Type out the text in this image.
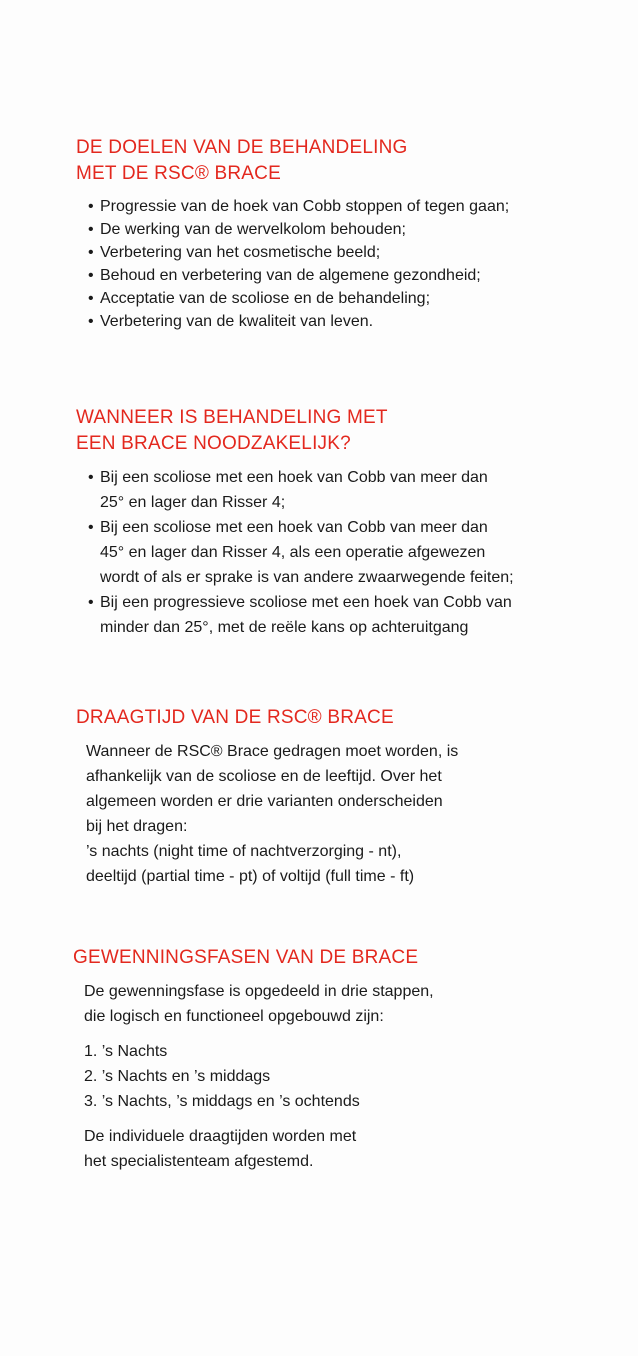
DE DOELEN VAN DE BEHANDELING
MET DE RSC® BRACE
• Progressie van de hoek van Cobb stoppen of tegen gaan;
• De werking van de wervelkolom behouden;
• Verbetering van het cosmetische beeld;
• Behoud en verbetering van de algemene gezondheid;
• Acceptatie van de scoliose en de behandeling;
• Verbetering van de kwaliteit van leven.
WANNEER IS BEHANDELING MET
EEN BRACE NOODZAKELIJK?
• Bij een scoliose met een hoek van Cobb van meer dan
25° en lager dan Risser 4;
• Bij een scoliose met een hoek van Cobb van meer dan
45° en lager dan Risser 4, als een operatie afgewezen
wordt of als er sprake is van andere zwaarwegende feiten;
• Bij een progressieve scoliose met een hoek van Cobb van
minder dan 25°, met de reële kans op achteruitgang
DRAAGTIJD VAN DE RSC® BRACE

Wanneer de RSC® Brace gedragen moet worden, is
afhankelijk van de scoliose en de leeftijd. Over het
algemeen worden er drie varianten onderscheiden
bij het dragen:
’s nachts (night time of nachtverzorging - nt),
deeltijd (partial time - pt) of voltijd (full time - ft)

GEWENNINGSFASEN VAN DE BRACE

De gewenningsfase is opgedeeld in drie stappen,
die logisch en functioneel opgebouwd zijn:

1. ’s Nachts
2. ’s Nachts en ’s middags
3. ’s Nachts, ’s middags en ’s ochtends

De individuele draagtijden worden met
het specialistenteam afgestemd.
